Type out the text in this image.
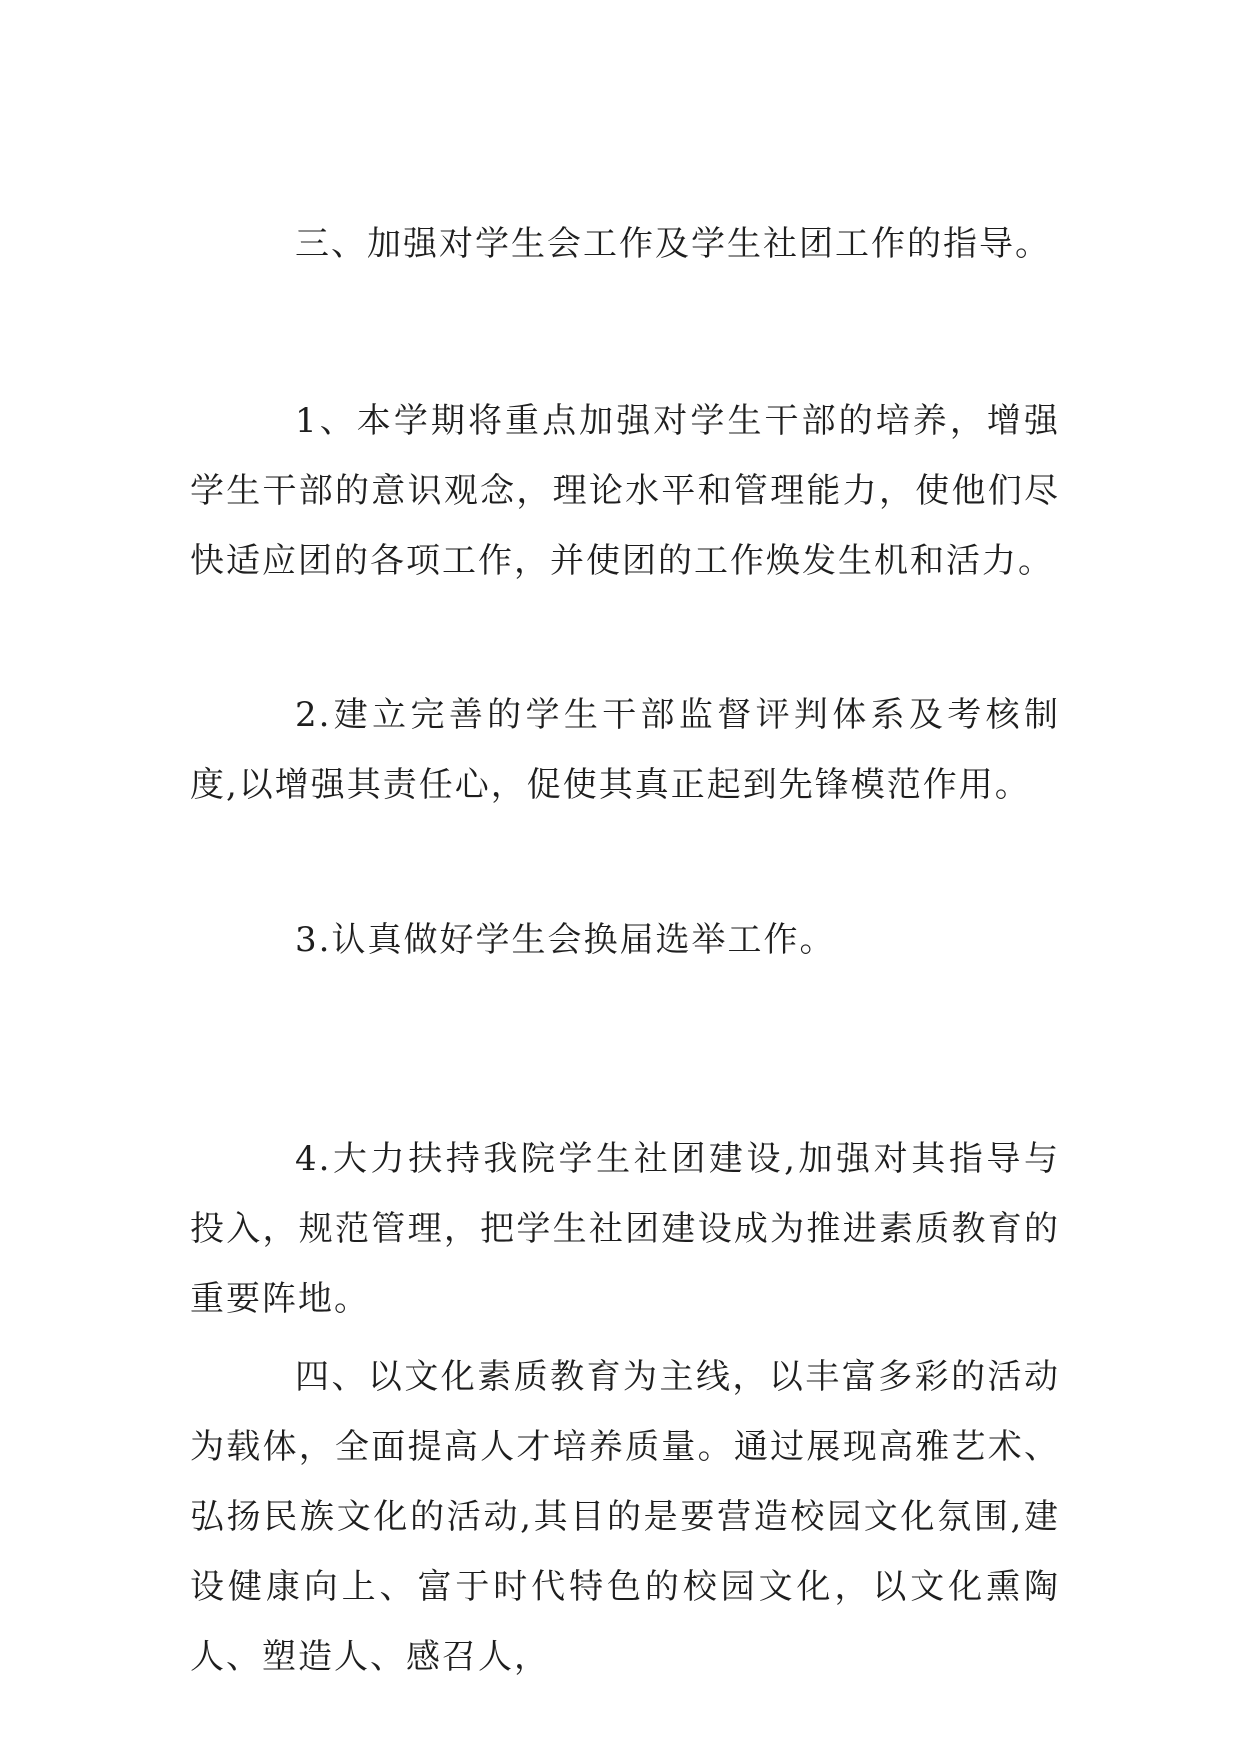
三、加强对学生会工作及学生社团工作的指导。

1、本学期将重点加强对学生干部的培养，增强学生干部的意识观念，理论水平和管理能力，使他们尽快适应团的各项工作，并使团的工作焕发生机和活力。

2.建立完善的学生干部监督评判体系及考核制度,以增强其责任心，促使其真正起到先锋模范作用。

3.认真做好学生会换届选举工作。

4.大力扶持我院学生社团建设,加强对其指导与投入，规范管理，把学生社团建设成为推进素质教育的重要阵地。

四、以文化素质教育为主线，以丰富多彩的活动为载体，全面提高人才培养质量。通过展现高雅艺术、弘扬民族文化的活动,其目的是要营造校园文化氛围,建设健康向上、富于时代特色的校园文化，以文化熏陶人、塑造人、感召人，
